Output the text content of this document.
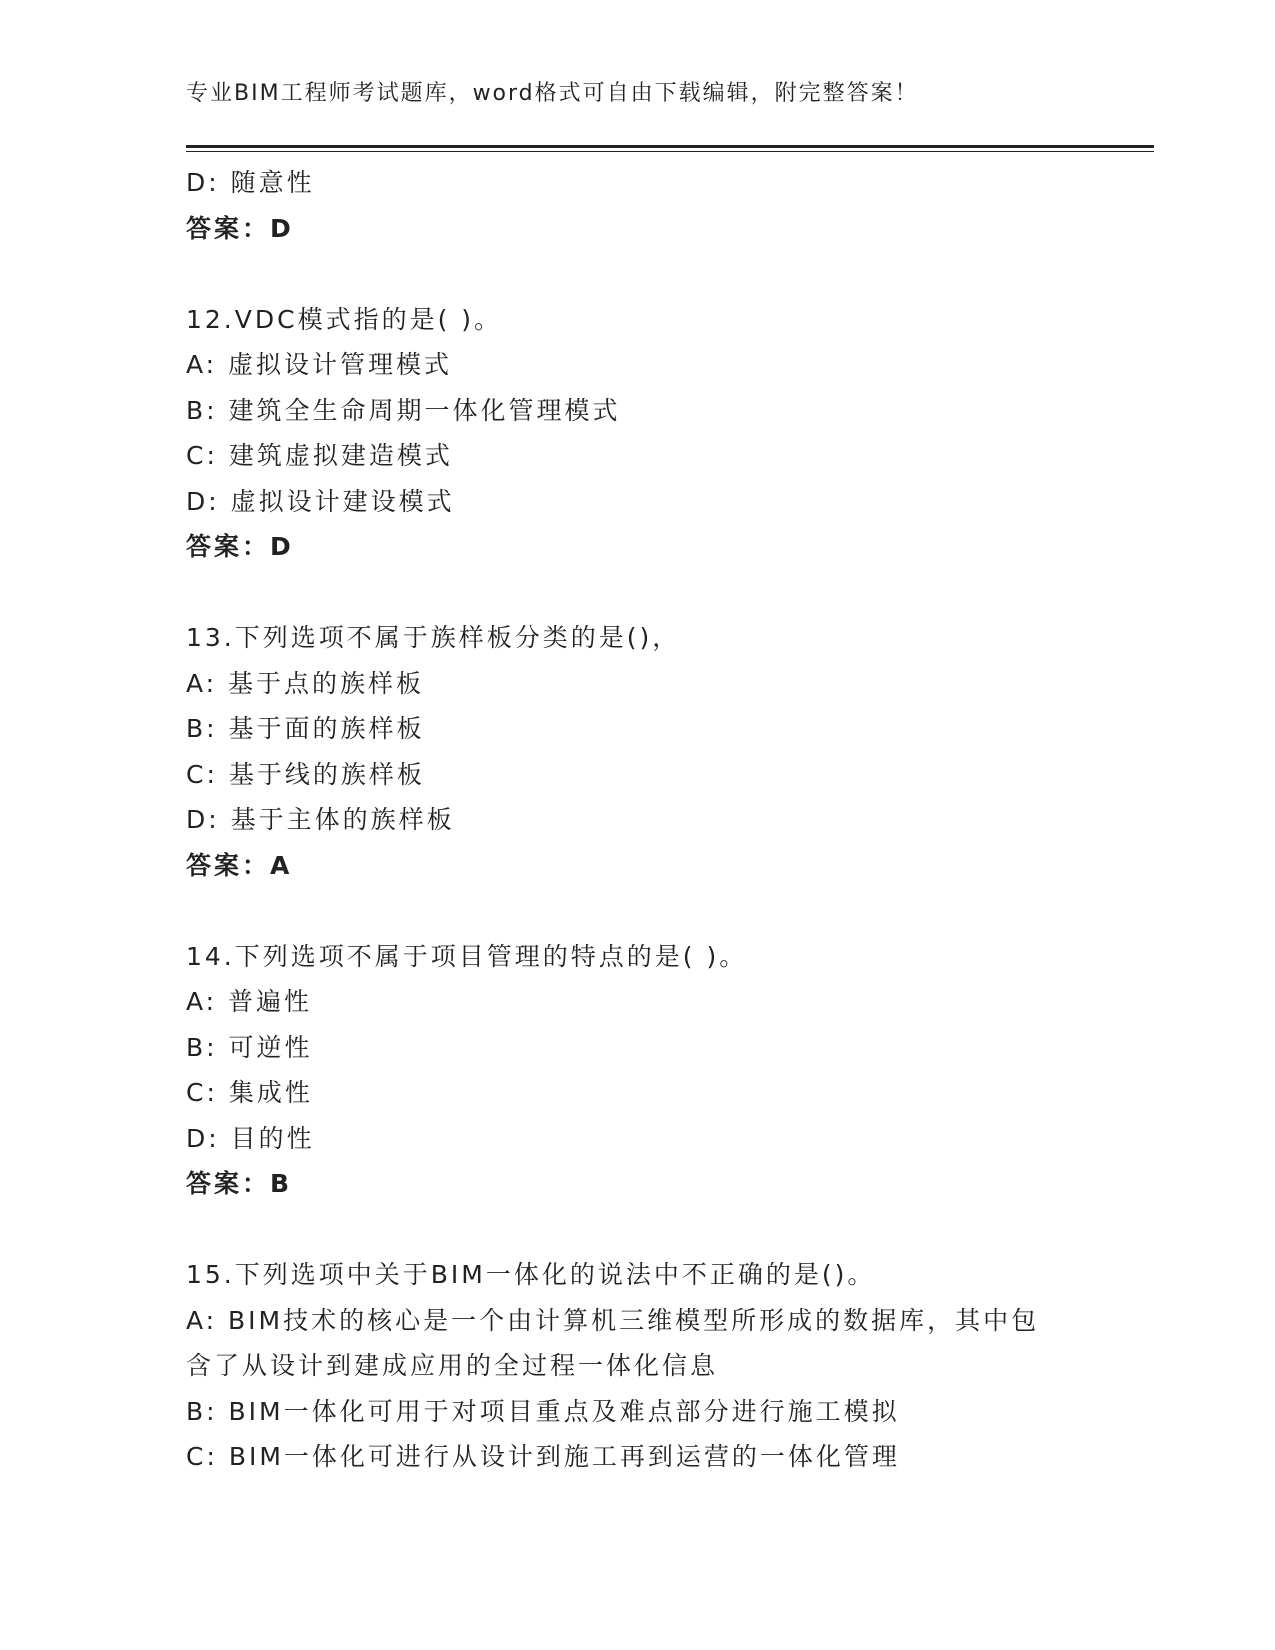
专业BIM工程师考试题库，word格式可自由下载编辑，附完整答案！
D: 随意性
答案：D
12.VDC模式指的是( )。
A: 虚拟设计管理模式
B: 建筑全生命周期一体化管理模式
C: 建筑虚拟建造模式
D: 虚拟设计建设模式
答案：D
13.下列选项不属于族样板分类的是()，
A: 基于点的族样板
B: 基于面的族样板
C: 基于线的族样板
D: 基于主体的族样板
答案：A
14.下列选项不属于项目管理的特点的是( )。
A: 普遍性
B: 可逆性
C: 集成性
D: 目的性
答案：B
15.下列选项中关于BIM一体化的说法中不正确的是()。
A: BIM技术的核心是一个由计算机三维模型所形成的数据库，其中包
含了从设计到建成应用的全过程一体化信息
B: BIM一体化可用于对项目重点及难点部分进行施工模拟
C: BIM一体化可进行从设计到施工再到运营的一体化管理
